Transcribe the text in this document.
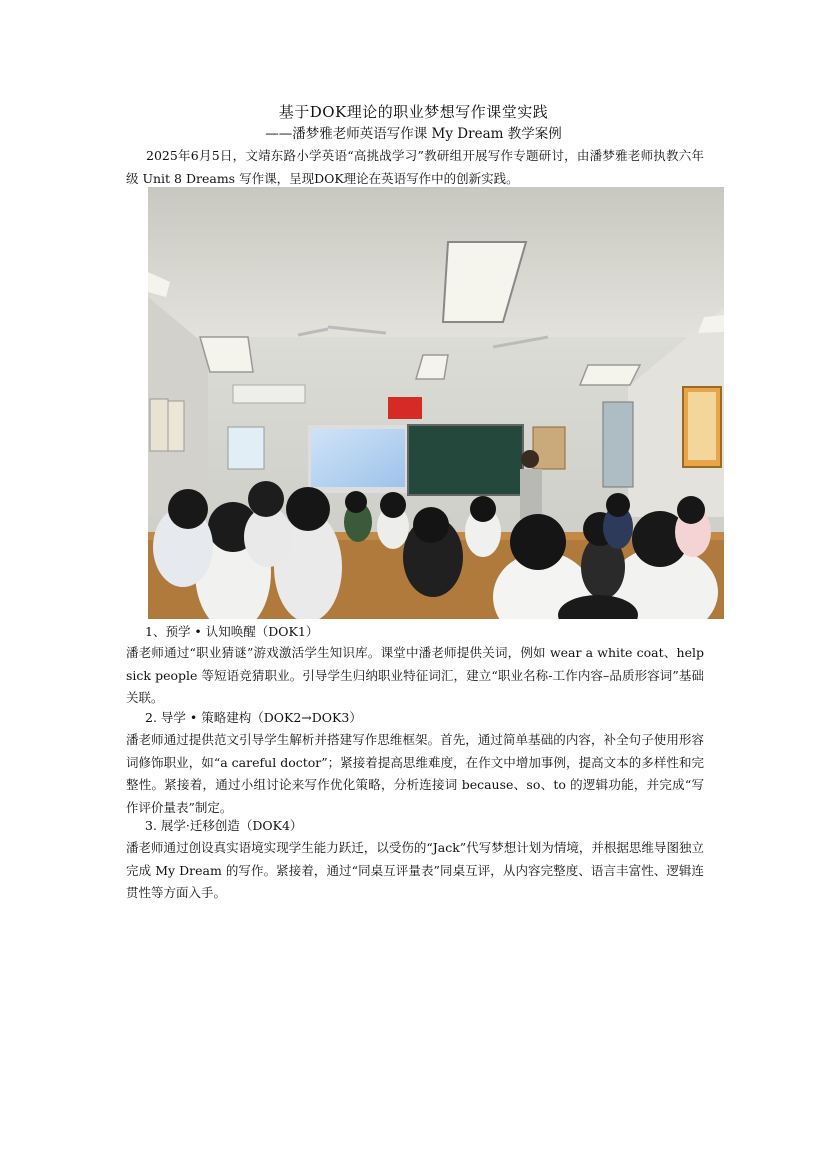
基于DOK理论的职业梦想写作课堂实践
——潘梦雅老师英语写作课 My Dream 教学案例

2025年6月5日，文靖东路小学英语“高挑战学习”教研组开展写作专题研讨，由潘梦雅老师执教六年级 Unit 8 Dreams 写作课，呈现DOK理论在英语写作中的创新实践。

1、预学 • 认知唤醒（DOK1）

潘老师通过“职业猜谜”游戏激活学生知识库。课堂中潘老师提供关词，例如 wear a white coat、help sick people 等短语竞猜职业。引导学生归纳职业特征词汇，建立“职业名称-工作内容–品质形容词”基础关联。

2. 导学 • 策略建构（DOK2→DOK3）

潘老师通过提供范文引导学生解析并搭建写作思维框架。首先，通过简单基础的内容，补全句子使用形容词修饰职业，如“a careful doctor”；紧接着提高思维难度，在作文中增加事例，提高文本的多样性和完整性。紧接着，通过小组讨论来写作优化策略，分析连接词 because、so、to 的逻辑功能，并完成“写作评价量表”制定。

3. 展学·迁移创造（DOK4）

潘老师通过创设真实语境实现学生能力跃迁，以受伤的“Jack”代写梦想计划为情境，并根据思维导图独立完成 My Dream 的写作。紧接着，通过“同桌互评量表”同桌互评，从内容完整度、语言丰富性、逻辑连贯性等方面入手。
